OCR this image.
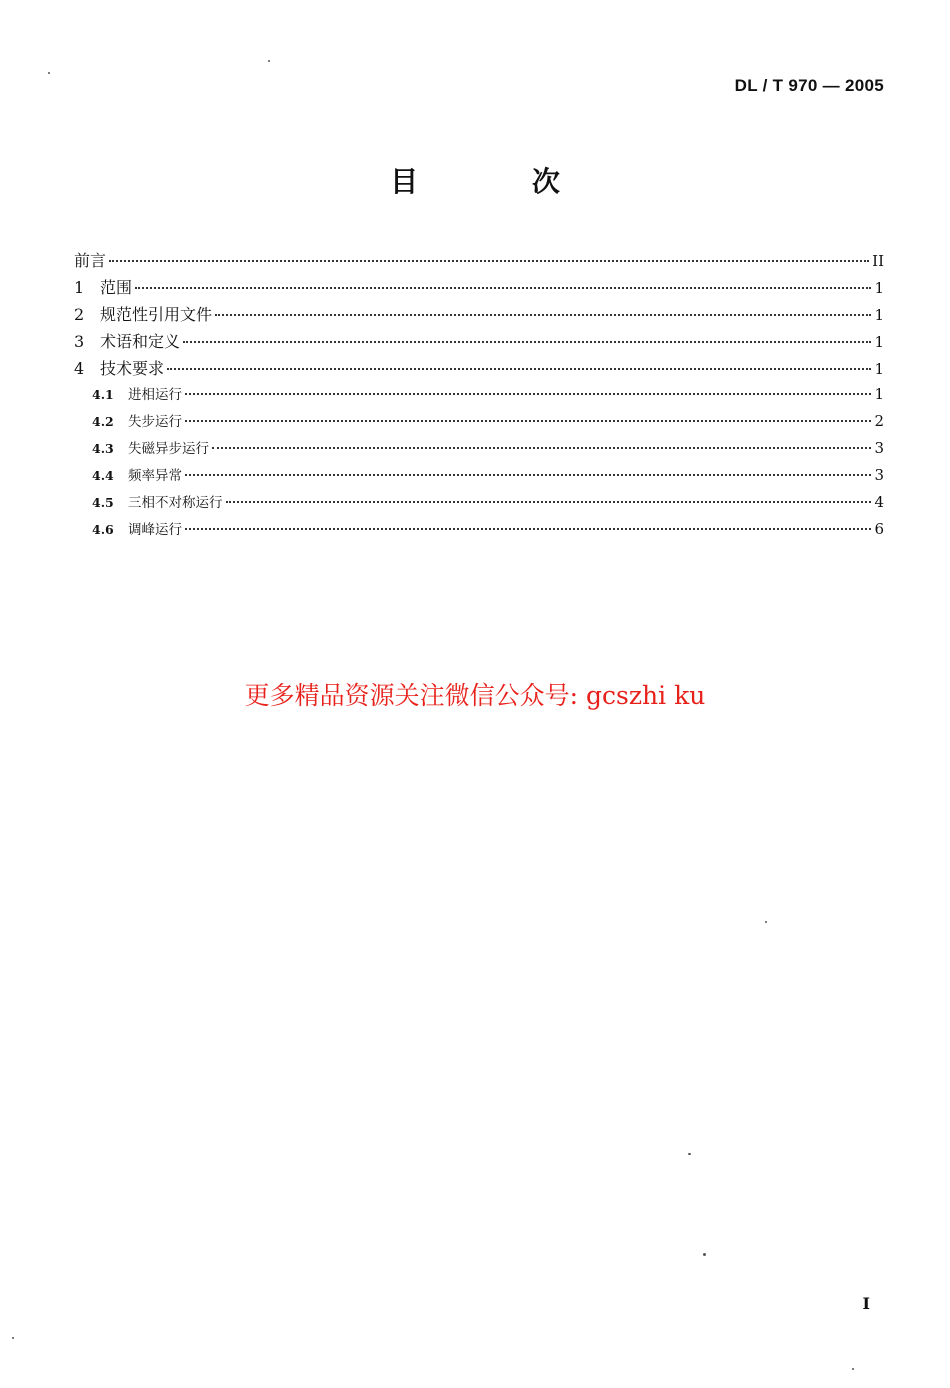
DL / T 970 — 2005
目 次
前言	II
1 范围	1
2 规范性引用文件	1
3 术语和定义	1
4 技术要求	1
4.1	进相运行	1
4.2	失步运行	2
4.3	失磁异步运行	3
4.4	频率异常	3
4.5	三相不对称运行	4
4.6	调峰运行	6
更多精品资源关注微信公众号: gcszhi ku
I
